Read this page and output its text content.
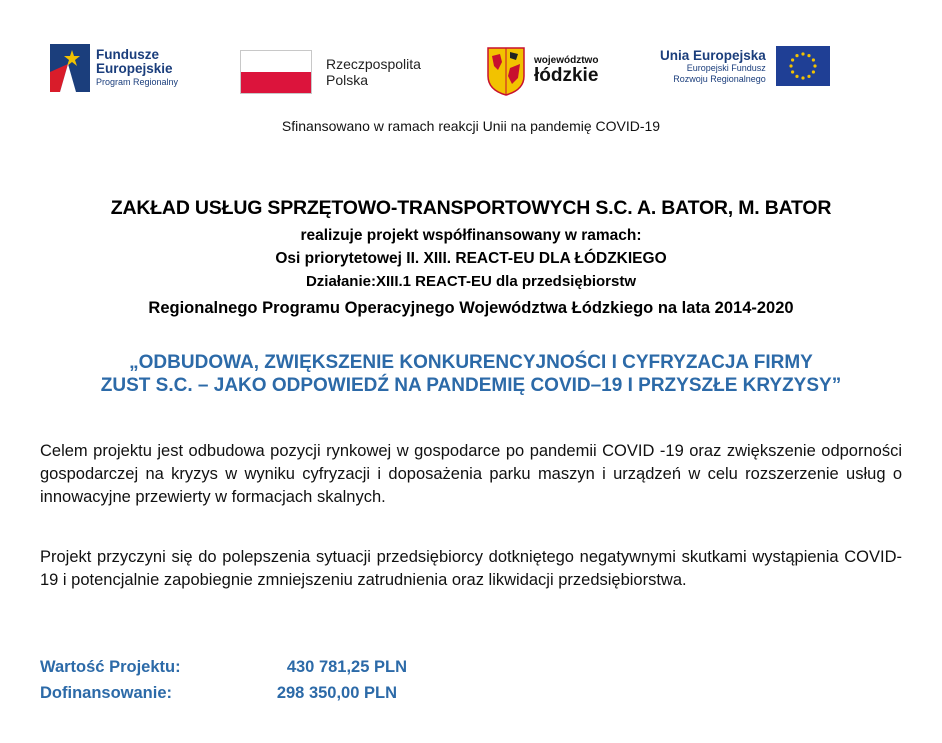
Fundusze
Europejskie
Program Regionalny
Rzeczpospolita
Polska
województwo
łódzkie
Unia Europejska
Europejski Fundusz
Rozwoju Regionalnego
Sfinansowano w ramach reakcji Unii na pandemię COVID-19
ZAKŁAD USŁUG SPRZĘTOWO-TRANSPORTOWYCH S.C. A. BATOR, M. BATOR
realizuje projekt współfinansowany w ramach:
Osi priorytetowej II. XIII. REACT-EU DLA ŁÓDZKIEGO
Działanie:XIII.1 REACT-EU dla przedsiębiorstw
Regionalnego Programu Operacyjnego Województwa Łódzkiego na lata 2014-2020
„ODBUDOWA, ZWIĘKSZENIE KONKURENCYJNOŚCI I CYFRYZACJA FIRMY
ZUST S.C. – JAKO ODPOWIEDŹ NA PANDEMIĘ COVID–19 I PRZYSZŁE KRYZYSY”
Celem projektu jest odbudowa pozycji rynkowej w gospodarce po pandemii COVID -19 oraz zwiększenie odporności gospodarczej na kryzys w wyniku cyfryzacji i doposażenia parku maszyn i urządzeń w celu rozszerzenie usług o innowacyjne przewierty w formacjach skalnych.
Projekt przyczyni się do polepszenia sytuacji przedsiębiorcy dotkniętego negatywnymi skutkami wystąpienia COVID-19 i potencjalnie zapobiegnie zmniejszeniu zatrudnienia oraz likwidacji przedsiębiorstwa.
Wartość Projektu:	430 781,25 PLN
Dofinansowanie:	298 350,00 PLN
